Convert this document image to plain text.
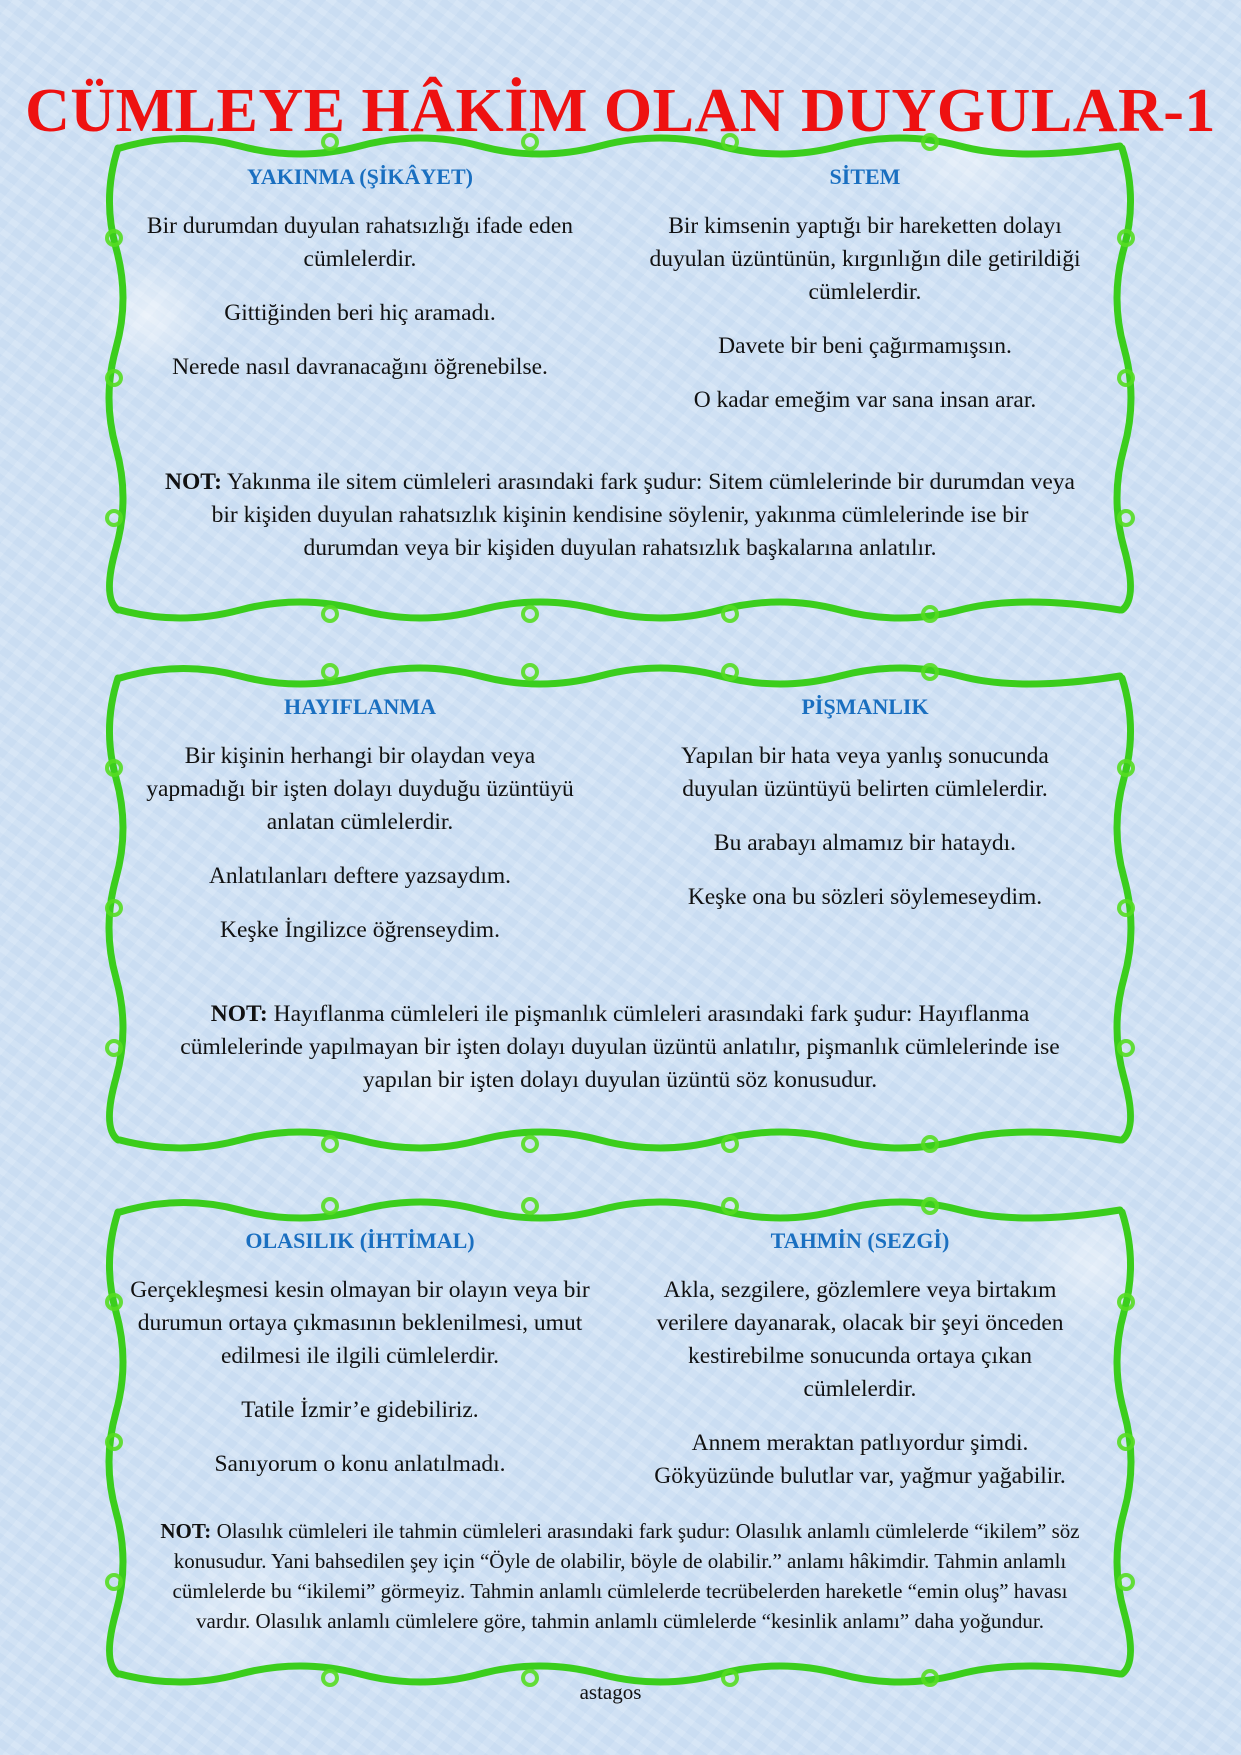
CÜMLEYE HÂKİM OLAN DUYGULAR-1
YAKINMA (ŞİKÂYET)

Bir durumdan duyulan rahatsızlığı ifade eden cümlelerdir.

Gittiğinden beri hiç aramadı.

Nerede nasıl davranacağını öğrenebilse.

SİTEM

Bir kimsenin yaptığı bir hareketten dolayı duyulan üzüntünün, kırgınlığın dile getirildiği cümlelerdir.

Davete bir beni çağırmamışsın.

O kadar emeğim var sana insan arar.

NOT: Yakınma ile sitem cümleleri arasındaki fark şudur: Sitem cümlelerinde bir durumdan veya bir kişiden duyulan rahatsızlık kişinin kendisine söylenir, yakınma cümlelerinde ise bir durumdan veya bir kişiden duyulan rahatsızlık başkalarına anlatılır.

HAYIFLANMA

Bir kişinin herhangi bir olaydan veya yapmadığı bir işten dolayı duyduğu üzüntüyü anlatan cümlelerdir.

Anlatılanları deftere yazsaydım.

Keşke İngilizce öğrenseydim.

PİŞMANLIK

Yapılan bir hata veya yanlış sonucunda duyulan üzüntüyü belirten cümlelerdir.

Bu arabayı almamız bir hataydı.

Keşke ona bu sözleri söylemeseydim.

NOT: Hayıflanma cümleleri ile pişmanlık cümleleri arasındaki fark şudur: Hayıflanma cümlelerinde yapılmayan bir işten dolayı duyulan üzüntü anlatılır, pişmanlık cümlelerinde ise yapılan bir işten dolayı duyulan üzüntü söz konusudur.

OLASILIK (İHTİMAL)

Gerçekleşmesi kesin olmayan bir olayın veya bir durumun ortaya çıkmasının beklenilmesi, umut edilmesi ile ilgili cümlelerdir.

Tatile İzmir’e gidebiliriz.

Sanıyorum o konu anlatılmadı.

TAHMİN (SEZGİ)

Akla, sezgilere, gözlemlere veya birtakım verilere dayanarak, olacak bir şeyi önceden kestirebilme sonucunda ortaya çıkan cümlelerdir.

Annem meraktan patlıyordur şimdi. Gökyüzünde bulutlar var, yağmur yağabilir.

NOT: Olasılık cümleleri ile tahmin cümleleri arasındaki fark şudur: Olasılık anlamlı cümlelerde “ikilem” söz konusudur. Yani bahsedilen şey için “Öyle de olabilir, böyle de olabilir.” anlamı hâkimdir. Tahmin anlamlı cümlelerde bu “ikilemi” görmeyiz. Tahmin anlamlı cümlelerde tecrübelerden hareketle “emin oluş” havası vardır. Olasılık anlamlı cümlelere göre, tahmin anlamlı cümlelerde “kesinlik anlamı” daha yoğundur.

astagos
